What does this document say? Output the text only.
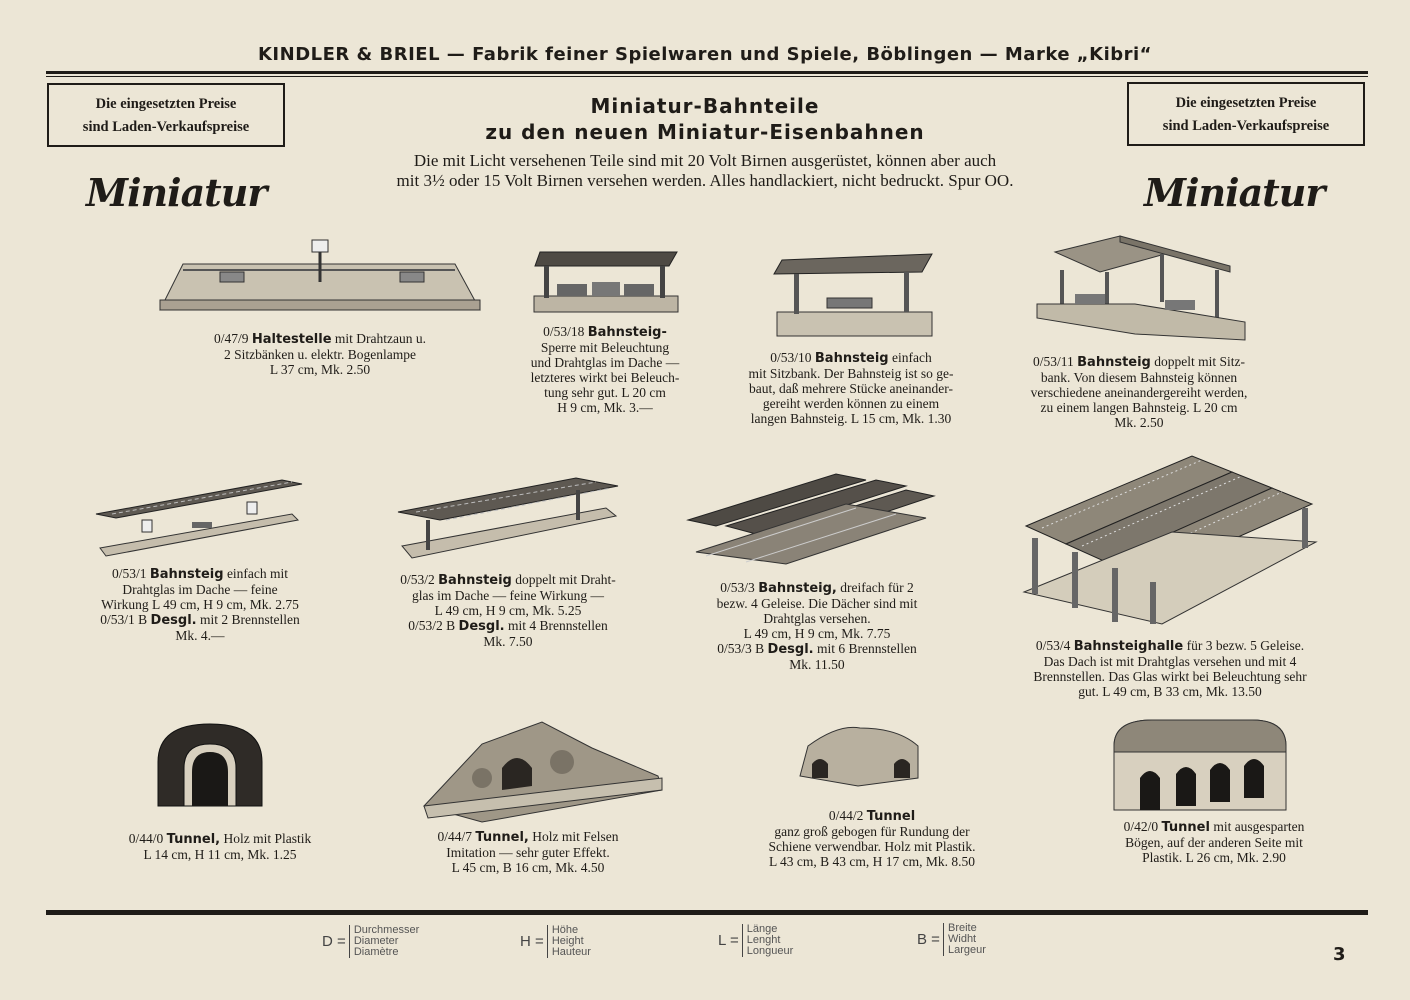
KINDLER & BRIEL — Fabrik feiner Spielwaren und Spiele, Böblingen — Marke „Kibri“
Die eingesetzten Preise
sind Laden-Verkaufspreise
Die eingesetzten Preise
sind Laden-Verkaufspreise
Miniatur-Bahnteile
zu den neuen Miniatur-Eisenbahnen
Die mit Licht versehenen Teile sind mit 20 Volt Birnen ausgerüstet, können aber auch
mit 3½ oder 15 Volt Birnen versehen werden. Alles handlackiert, nicht bedruckt. Spur OO.
Miniatur	Miniatur
0/47/9 Haltestelle mit Drahtzaun u.
2 Sitzbänken u. elektr. Bogenlampe
L 37 cm, Mk. 2.50
0/53/18 Bahnsteig-
Sperre mit Beleuchtung
und Drahtglas im Dache —
letzteres wirkt bei Beleuch-
tung sehr gut. L 20 cm
H 9 cm, Mk. 3.—
0/53/10 Bahnsteig einfach
mit Sitzbank. Der Bahnsteig ist so ge-
baut, daß mehrere Stücke aneinander-
gereiht werden können zu einem
langen Bahnsteig. L 15 cm, Mk. 1.30
0/53/11 Bahnsteig doppelt mit Sitz-
bank. Von diesem Bahnsteig können
verschiedene aneinandergereiht werden,
zu einem langen Bahnsteig. L 20 cm
Mk. 2.50
0/53/1 Bahnsteig einfach mit
Drahtglas im Dache — feine
Wirkung L 49 cm, H 9 cm, Mk. 2.75
0/53/1 B Desgl. mit 2 Brennstellen
Mk. 4.—
0/53/2 Bahnsteig doppelt mit Draht-
glas im Dache — feine Wirkung —
L 49 cm, H 9 cm, Mk. 5.25
0/53/2 B Desgl. mit 4 Brennstellen
Mk. 7.50
0/53/3 Bahnsteig, dreifach für 2
bezw. 4 Geleise. Die Dächer sind mit
Drahtglas versehen.
L 49 cm, H 9 cm, Mk. 7.75
0/53/3 B Desgl. mit 6 Brennstellen
Mk. 11.50
0/53/4 Bahnsteighalle für 3 bezw. 5 Geleise.
Das Dach ist mit Drahtglas versehen und mit 4
Brennstellen. Das Glas wirkt bei Beleuchtung sehr
gut. L 49 cm, B 33 cm, Mk. 13.50
0/44/0 Tunnel, Holz mit Plastik
L 14 cm, H 11 cm, Mk. 1.25
0/44/7 Tunnel, Holz mit Felsen
Imitation — sehr guter Effekt.
L 45 cm, B 16 cm, Mk. 4.50
0/44/2 Tunnel
ganz groß gebogen für Rundung der
Schiene verwendbar. Holz mit Plastik.
L 43 cm, B 43 cm, H 17 cm, Mk. 8.50
0/42/0 Tunnel mit ausgesparten
Bögen, auf der anderen Seite mit
Plastik. L 26 cm, Mk. 2.90
D =
Durchmesser
Diameter
Diamètre
H =
Höhe
Height
Hauteur
L =
Länge
Lenght
Longueur
B =
Breite
Widht
Largeur	3
